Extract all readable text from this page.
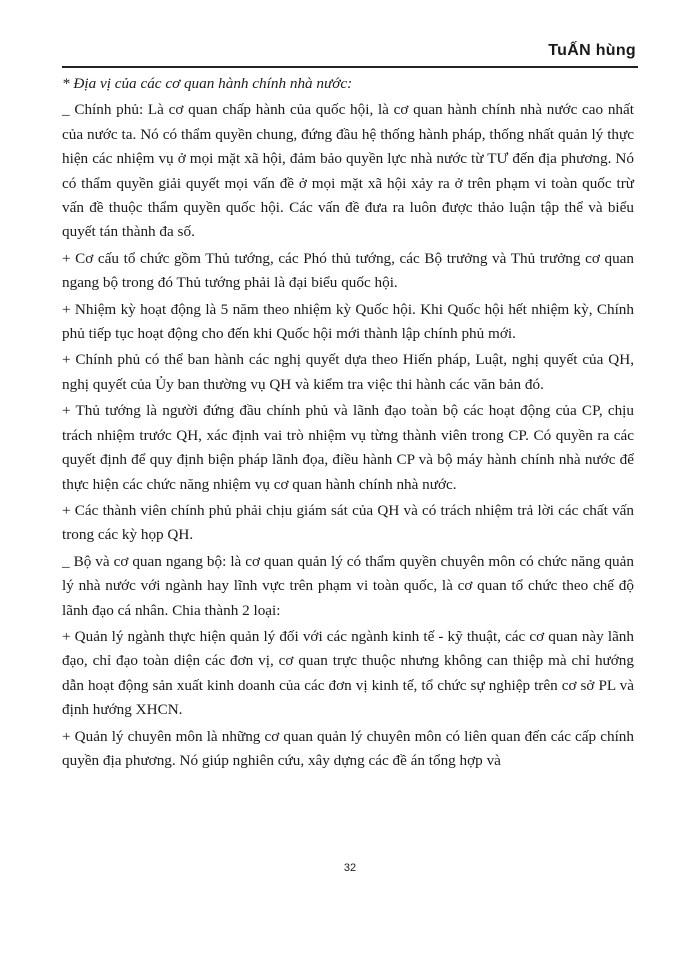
TuẤN hùng

* Địa vị của các cơ quan hành chính nhà nước:

_ Chính phủ: Là cơ quan chấp hành của quốc hội, là cơ quan hành chính nhà nước cao nhất của nước ta. Nó có thẩm quyền chung, đứng đầu hệ thống hành pháp, thống nhất quản lý thực hiện các nhiệm vụ ở mọi mặt xã hội, đảm bảo quyền lực nhà nước từ TƯ đến địa phương. Nó có thẩm quyền giải quyết mọi vấn đề ở mọi mặt xã hội xảy ra ở trên phạm vi toàn quốc trừ vấn đề thuộc thẩm quyền quốc hội. Các vấn đề đưa ra luôn được thảo luận tập thể và biểu quyết tán thành đa số.

+ Cơ cấu tổ chức gồm Thủ tướng, các Phó thủ tướng, các Bộ trưởng và Thủ trưởng cơ quan ngang bộ trong đó Thủ tướng phải là đại biểu quốc hội.

+ Nhiệm kỳ hoạt động là 5 năm theo nhiệm kỳ Quốc hội. Khi Quốc hội hết nhiệm kỳ, Chính phủ tiếp tục hoạt động cho đến khi Quốc hội mới thành lập chính phủ mới.

+ Chính phủ có thể ban hành các nghị quyết dựa theo Hiến pháp, Luật, nghị quyết của QH, nghị quyết của Ủy ban thường vụ QH và kiểm tra việc thi hành các văn bản đó.

+ Thủ tướng là người đứng đầu chính phủ và lãnh đạo toàn bộ các hoạt động của CP, chịu trách nhiệm trước QH, xác định vai trò nhiệm vụ từng thành viên trong CP. Có quyền ra các quyết định để quy định biện pháp lãnh đọa, điều hành CP và bộ máy hành chính nhà nước để thực hiện các chức năng nhiệm vụ cơ quan hành chính nhà nước.

+ Các thành viên chính phủ phải chịu giám sát của QH và có trách nhiệm trả lời các chất vấn trong các kỳ họp QH.

_ Bộ và cơ quan ngang bộ: là cơ quan quản lý có thẩm quyền chuyên môn có chức năng quản lý nhà nước với ngành hay lĩnh vực trên phạm vi toàn quốc, là cơ quan tổ chức theo chế độ lãnh đạo cá nhân. Chia thành 2 loại:

+ Quản lý ngành thực hiện quản lý đối với các ngành kinh tế - kỹ thuật, các cơ quan này lãnh đạo, chỉ đạo toàn diện các đơn vị, cơ quan trực thuộc nhưng không can thiệp mà chỉ hướng dẫn hoạt động sản xuất kinh doanh của các đơn vị kinh tế, tổ chức sự nghiệp trên cơ sở PL và định hướng XHCN.

+ Quản lý chuyên môn là những cơ quan quản lý chuyên môn có liên quan đến các cấp chính quyền địa phương. Nó giúp nghiên cứu, xây dựng các đề án tổng hợp và

32
